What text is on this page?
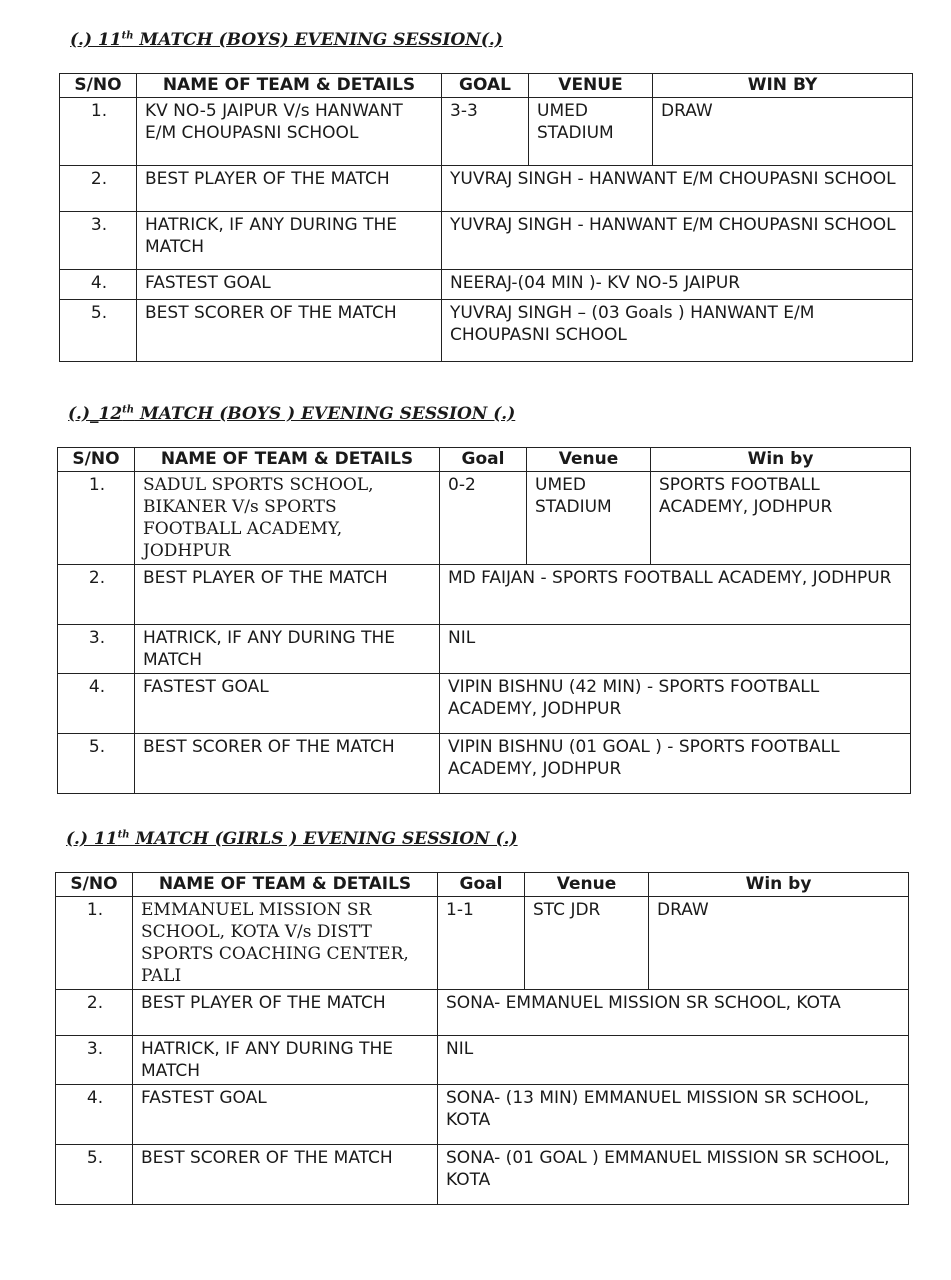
(.) 11th MATCH (BOYS) EVENING SESSION(.)
S/NO	NAME OF TEAM & DETAILS	GOAL	VENUE	WIN BY
1.	KV NO-5 JAIPUR V/s HANWANT E/M CHOUPASNI SCHOOL	3-3	UMED STADIUM	DRAW
2.	BEST PLAYER OF THE MATCH	YUVRAJ SINGH - HANWANT E/M CHOUPASNI SCHOOL		
3.	HATRICK, IF ANY DURING THE MATCH	YUVRAJ SINGH - HANWANT E/M CHOUPASNI SCHOOL		
4.	FASTEST GOAL	NEERAJ-(04 MIN )- KV NO-5 JAIPUR		
5.	BEST SCORER OF THE MATCH	YUVRAJ SINGH – (03 Goals ) HANWANT E/M CHOUPASNI SCHOOL		
(.)_12th MATCH (BOYS ) EVENING SESSION (.)
S/NO	NAME OF TEAM & DETAILS	Goal	Venue	Win by
1.	SADUL SPORTS SCHOOL, BIKANER V/s SPORTS FOOTBALL ACADEMY, JODHPUR	0-2	UMED STADIUM	SPORTS FOOTBALL ACADEMY, JODHPUR
2.	BEST PLAYER OF THE MATCH	MD FAIJAN - SPORTS FOOTBALL ACADEMY, JODHPUR		
3.	HATRICK, IF ANY DURING THE MATCH	NIL		
4.	FASTEST GOAL	VIPIN BISHNU (42 MIN) - SPORTS FOOTBALL ACADEMY, JODHPUR		
5.	BEST SCORER OF THE MATCH	VIPIN BISHNU (01 GOAL ) - SPORTS FOOTBALL ACADEMY, JODHPUR		
(.) 11th MATCH (GIRLS ) EVENING SESSION (.)
S/NO	NAME OF TEAM & DETAILS	Goal	Venue	Win by
1.	EMMANUEL MISSION SR SCHOOL, KOTA V/s DISTT SPORTS COACHING CENTER, PALI	1-1	STC JDR	DRAW
2.	BEST PLAYER OF THE MATCH	SONA- EMMANUEL MISSION SR SCHOOL, KOTA		
3.	HATRICK, IF ANY DURING THE MATCH	NIL		
4.	FASTEST GOAL	SONA- (13 MIN) EMMANUEL MISSION SR SCHOOL, KOTA		
5.	BEST SCORER OF THE MATCH	SONA- (01 GOAL ) EMMANUEL MISSION SR SCHOOL, KOTA		
